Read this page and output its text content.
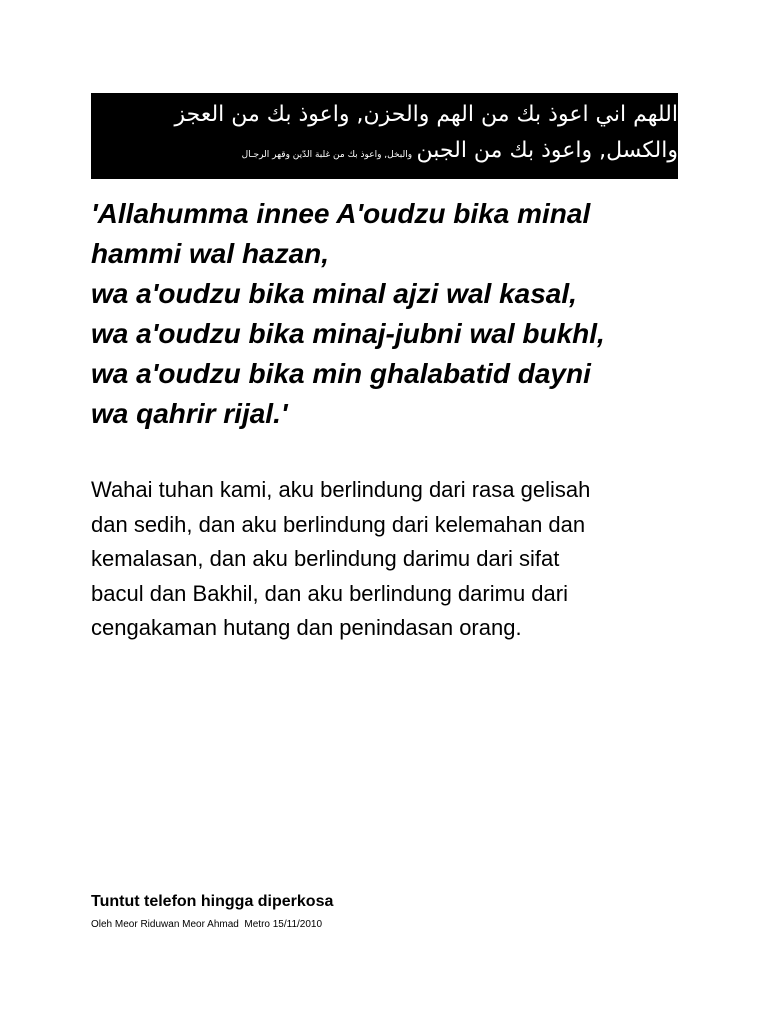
اللهم اني اعوذ بك من الهم والحزن, واعوذ بك من العجز
والكسل, واعوذ بك من الجبن والبخل, واعوذ بك من غلبة الدّين وقهر الرجـال

'Allahumma innee A'oudzu bika minal
hammi wal hazan,
wa a'oudzu bika minal ajzi wal kasal,
wa a'oudzu bika minaj-jubni wal bukhl,
wa a'oudzu bika min ghalabatid dayni
wa qahrir rijal.'

Wahai tuhan kami, aku berlindung dari rasa gelisah
dan sedih, dan aku berlindung dari kelemahan dan
kemalasan, dan aku berlindung darimu dari sifat
bacul dan Bakhil, dan aku berlindung darimu dari
cengakaman hutang dan penindasan orang.

Tuntut telefon hingga diperkosa

Oleh Meor Riduwan Meor Ahmad  Metro 15/11/2010
